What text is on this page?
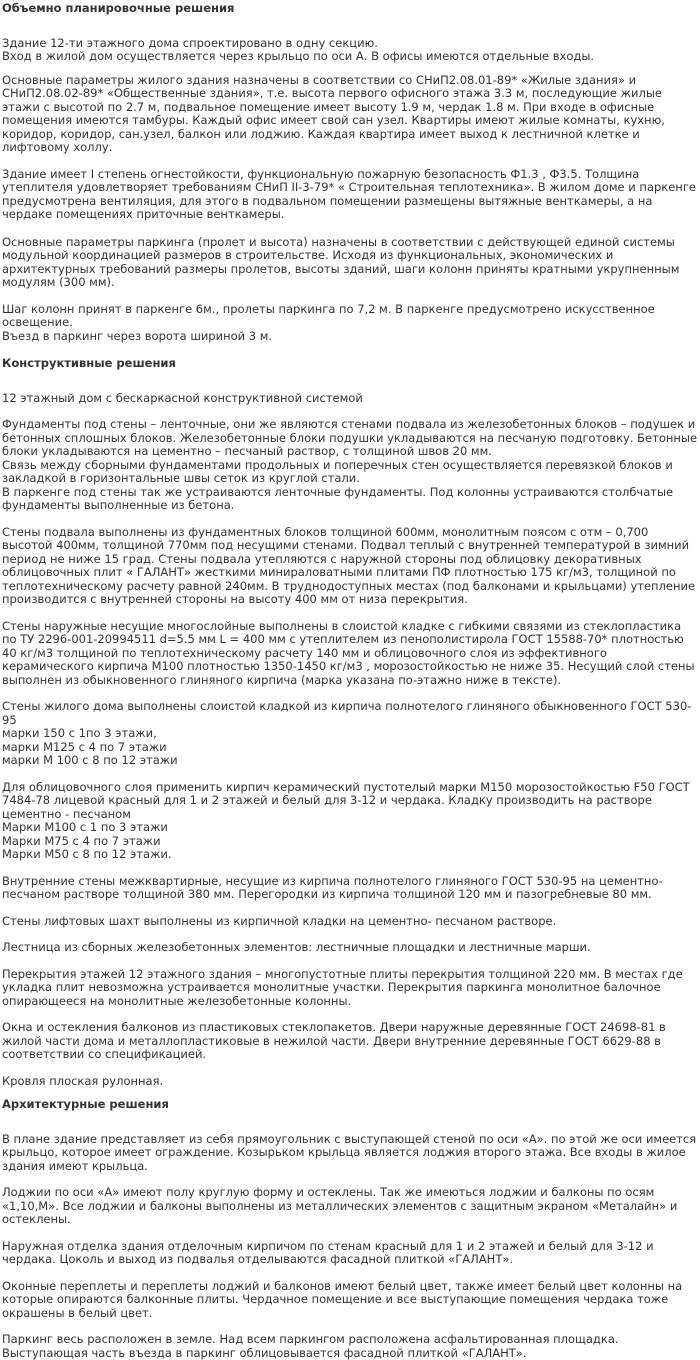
Объемно планировочные решения

Здание 12-ти этажного дома спроектировано в одну секцию.

Вход в жилой дом осуществляется через крыльцо по оси А. В офисы имеются отдельные входы.

Основные параметры жилого здания назначены в соответствии со СНиП2.08.01-89* «Жилые здания» и СНиП2.08.02-89* «Общественные здания», т.е. высота первого офисного этажа 3.3 м, последующие жилые этажи с высотой по 2.7 м, подвальное помещение имеет высоту 1.9 м, чердак 1.8 м. При входе в офисные помещения имеются тамбуры. Каждый офис имеет свой сан узел. Квартиры имеют жилые комнаты, кухню, коридор, коридор, сан.узел, балкон или лоджию. Каждая квартира имеет выход к лестничной клетке и лифтовому холлу.

Здание имеет I степень огнестойкости, функциональную пожарную безопасность Ф1.3 , Ф3.5. Толщина утеплителя удовлетворяет требованиям СНиП II-3-79* « Строительная теплотехника». В жилом доме и паркенге предусмотрена вентиляция, для этого в подвальном помещении размещены вытяжные венткамеры, а на чердаке помещениях приточные венткамеры.

Основные параметры паркинга (пролет и высота) назначены в соответствии с действующей единой системы модульной координацией размеров в строительстве. Исходя из функциональных, экономических и архитектурных требований размеры пролетов, высоты зданий, шаги колонн приняты кратными укрупненным модулям (300 мм).

Шаг колонн принят в паркенге 6м., пролеты паркинга по 7,2 м. В паркенге предусмотрено искусственное освещение.

Въезд в паркинг через ворота шириной 3 м.

Конструктивные решения

12 этажный дом с бескаркасной конструктивной системой

Фундаменты под стены – ленточные, они же являются стенами подвала из железобетонных блоков – подушек и бетонных сплошных блоков. Железобетонные блоки подушки укладываются на песчаную подготовку. Бетонные блоки укладываются на цементно – песчаный раствор, с толщиной швов 20 мм.

Связь между сборными фундаментами продольных и поперечных стен осуществляется перевязкой блоков и закладкой в горизонтальные швы сеток из круглой стали.

В паркенге под стены так же устраиваются ленточные фундаменты. Под колонны устраиваются столбчатые фундаменты выполненные из бетона.

Стены подвала выполнены из фундаментных блоков толщиной 600мм, монолитным поясом с отм – 0,700 высотой 400мм, толщиной 770мм под несущими стенами. Подвал теплый с внутренней температурой в зимний период не ниже 15 град. Стены подвала утепляются с наружной стороны под облицовку декоративных облицовочных плит « ГАЛАНТ» жесткими минираловатными плитами ПФ плотностью 175 кг/м3, толщиной по теплотехническому расчету равной 240мм. В труднодоступных местах (под балконами и крыльцами) утепление производится с внутренней стороны на высоту 400 мм от низа перекрытия.

Стены наружные несущие многослойные выполнены в слоистой кладке с гибкими связями из стеклопластика по ТУ 2296-001-20994511 d=5.5 мм L = 400 мм с утеплителем из пенополистирола ГОСТ 15588-70* плотностью 40 кг/м3 толщиной по теплотехническому расчету 140 мм и облицовочного слоя из эффективного керамического кирпича М100 плотностью 1350-1450 кг/м3 , морозостойкостью не ниже 35. Несущий слой стены выполнен из обыкновенного глиняного кирпича (марка указана по-этажно ниже в тексте).

Стены жилого дома выполнены слоистой кладкой из кирпича полнотелого глиняного обыкновенного ГОСТ 530-95

марки 150 с 1по 3 этажи,

марки М125 с 4 по 7 этажи

марки М 100 с 8 по 12 этажи

Для облицовочного слоя применить кирпич керамический пустотелый марки М150 морозостойкостью F50 ГОСТ 7484-78 лицевой красный для 1 и 2 этажей и белый для 3-12 и чердака. Кладку производить на растворе цементно - песчаном

Марки М100 с 1 по 3 этажи

Марки М75 с 4 по 7 этажи

Марки М50 с 8 по 12 этажи.

Внутренние стены межквартирные, несущие из кирпича полнотелого глиняного ГОСТ 530-95 на цементно-песчаном растворе толщиной 380 мм. Перегородки из кирпича толщиной 120 мм и пазогребневые 80 мм.

Стены лифтовых шахт выполнены из кирпичной кладки на цементно- песчаном растворе.

Лестница из сборных железобетонных элементов: лестничные площадки и лестничные марши.

Перекрытия этажей 12 этажного здания – многопустотные плиты перекрытия толщиной 220 мм. В местах где укладка плит невозможна устраивается монолитные участки. Перекрытия паркинга монолитное балочное опирающееся на монолитные железобетонные колонны.

Окна и остекления балконов из пластиковых стеклопакетов. Двери наружные деревянные ГОСТ 24698-81 в жилой части дома и металлопластиковые в нежилой части. Двери внутренние деревянные ГОСТ 6629-88 в соответствии со спецификацией.

Кровля плоская рулонная.

Архитектурные решения

В плане здание представляет из себя прямоугольник с выступающей стеной по оси «А». по этой же оси имеется крыльцо, которое имеет ограждение. Козырьком крыльца является лоджия второго этажа. Все входы в жилое здания имеют крыльца.

Лоджии по оси «А» имеют полу круглую форму и остеклены. Так же имеються лоджии и балконы по осям «1,10,М». Все лоджии и балконы выполнены из металлических элементов с защитным экраном «Металайн» и остеклены.

Наружная отделка здания отделочным кирпичом по стенам красный для 1 и 2 этажей и белый для 3-12 и чердака. Цоколь и выход из подвалья отделываются фасадной плиткой «ГАЛАНТ».

Оконные переплеты и переплеты лоджий и балконов имеют белый цвет, также имеет белый цвет колонны на которые опираются балконные плиты. Чердачное помещение и все выступающие помещения чердака тоже окрашены в белый цвет.

Паркинг весь расположен в земле. Над всем паркингом расположена асфальтированная площадка. Выступающая часть въезда в паркинг облицовывается фасадной плиткой «ГАЛАНТ».
